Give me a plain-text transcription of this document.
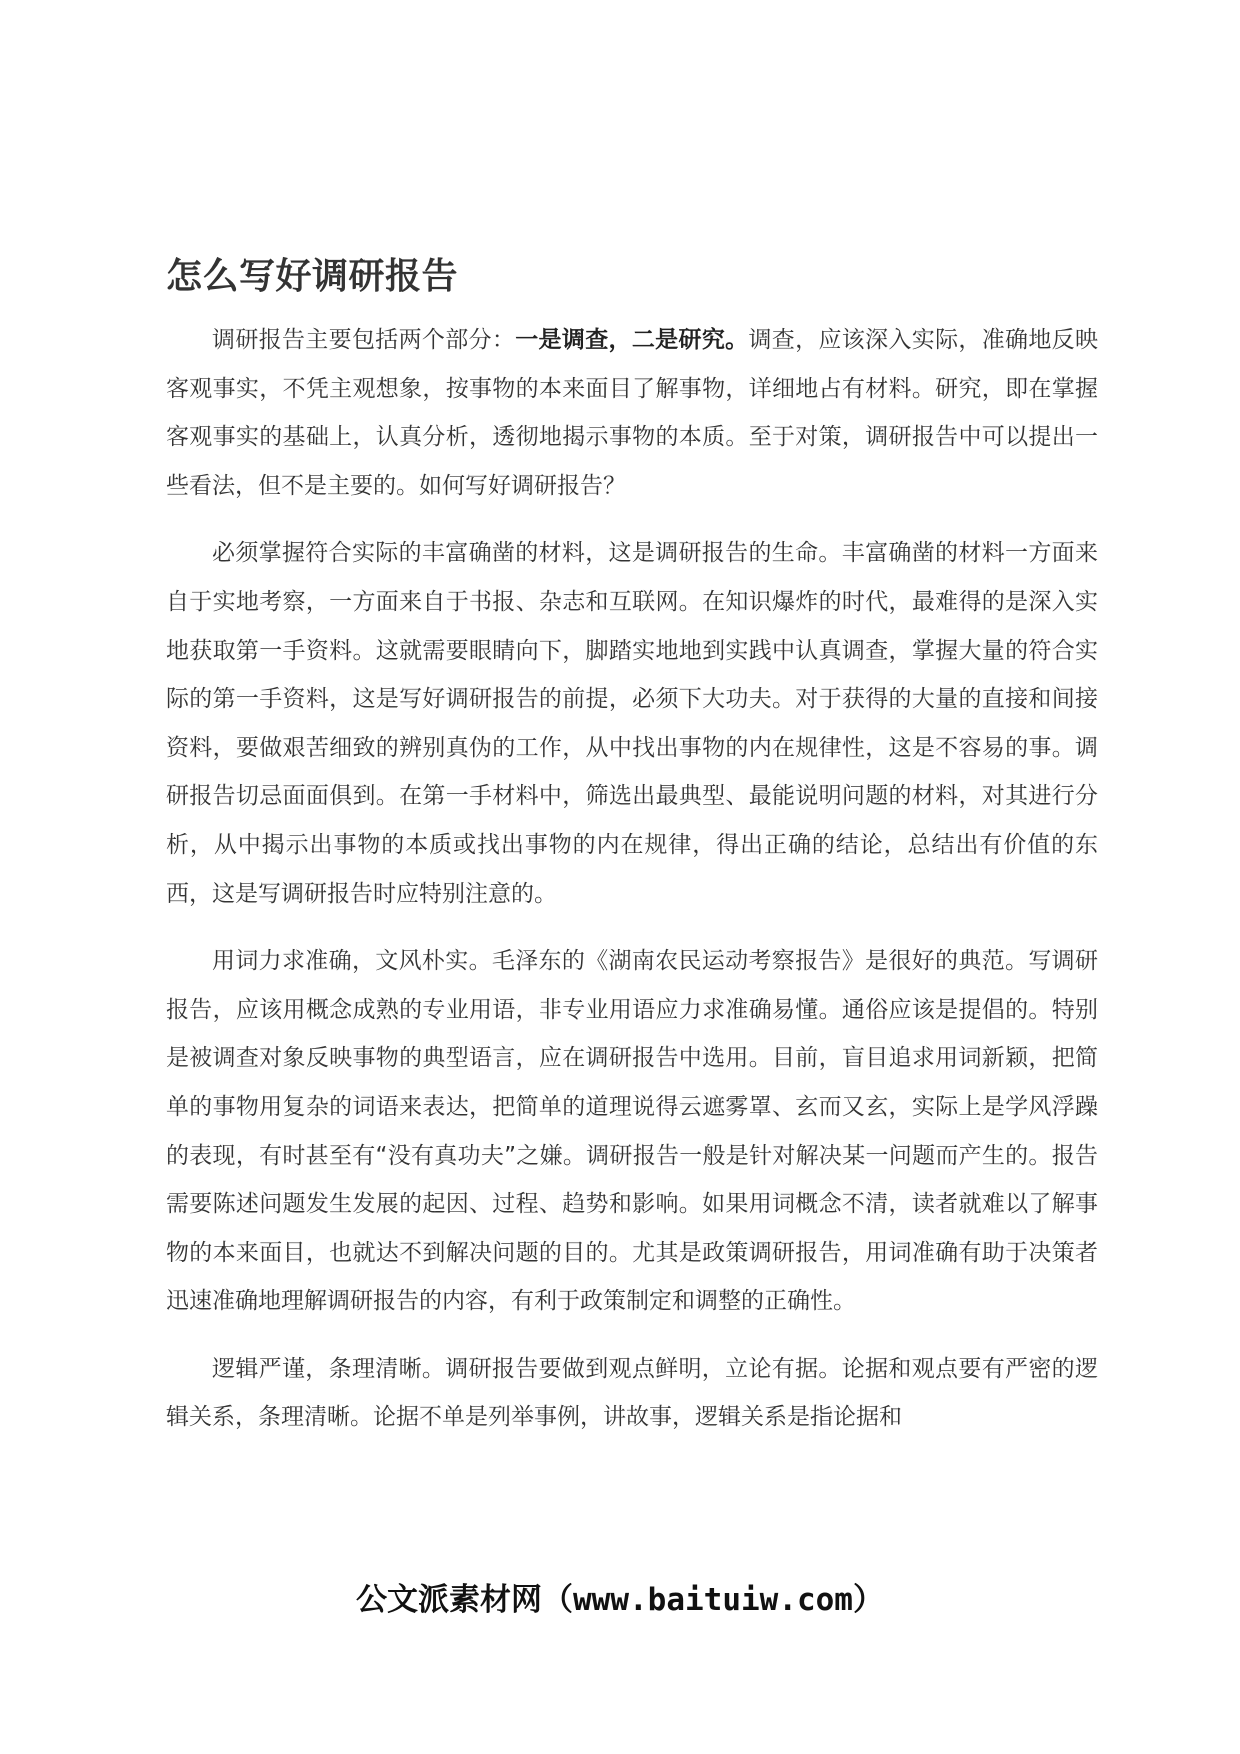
怎么写好调研报告

调研报告主要包括两个部分：一是调查，二是研究。调查，应该深入实际，准确地反映客观事实，不凭主观想象，按事物的本来面目了解事物，详细地占有材料。研究，即在掌握客观事实的基础上，认真分析，透彻地揭示事物的本质。至于对策，调研报告中可以提出一些看法，但不是主要的。如何写好调研报告？

必须掌握符合实际的丰富确凿的材料，这是调研报告的生命。丰富确凿的材料一方面来自于实地考察，一方面来自于书报、杂志和互联网。在知识爆炸的时代，最难得的是深入实地获取第一手资料。这就需要眼睛向下，脚踏实地地到实践中认真调查，掌握大量的符合实际的第一手资料，这是写好调研报告的前提，必须下大功夫。对于获得的大量的直接和间接资料，要做艰苦细致的辨别真伪的工作，从中找出事物的内在规律性，这是不容易的事。调研报告切忌面面俱到。在第一手材料中，筛选出最典型、最能说明问题的材料，对其进行分析，从中揭示出事物的本质或找出事物的内在规律，得出正确的结论，总结出有价值的东西，这是写调研报告时应特别注意的。

用词力求准确，文风朴实。毛泽东的《湖南农民运动考察报告》是很好的典范。写调研报告，应该用概念成熟的专业用语，非专业用语应力求准确易懂。通俗应该是提倡的。特别是被调查对象反映事物的典型语言，应在调研报告中选用。目前，盲目追求用词新颖，把简单的事物用复杂的词语来表达，把简单的道理说得云遮雾罩、玄而又玄，实际上是学风浮躁的表现，有时甚至有“没有真功夫”之嫌。调研报告一般是针对解决某一问题而产生的。报告需要陈述问题发生发展的起因、过程、趋势和影响。如果用词概念不清，读者就难以了解事物的本来面目，也就达不到解决问题的目的。尤其是政策调研报告，用词准确有助于决策者迅速准确地理解调研报告的内容，有利于政策制定和调整的正确性。

逻辑严谨，条理清晰。调研报告要做到观点鲜明，立论有据。论据和观点要有严密的逻辑关系，条理清晰。论据不单是列举事例，讲故事，逻辑关系是指论据和

公文派素材网（www.baituiw.com）
